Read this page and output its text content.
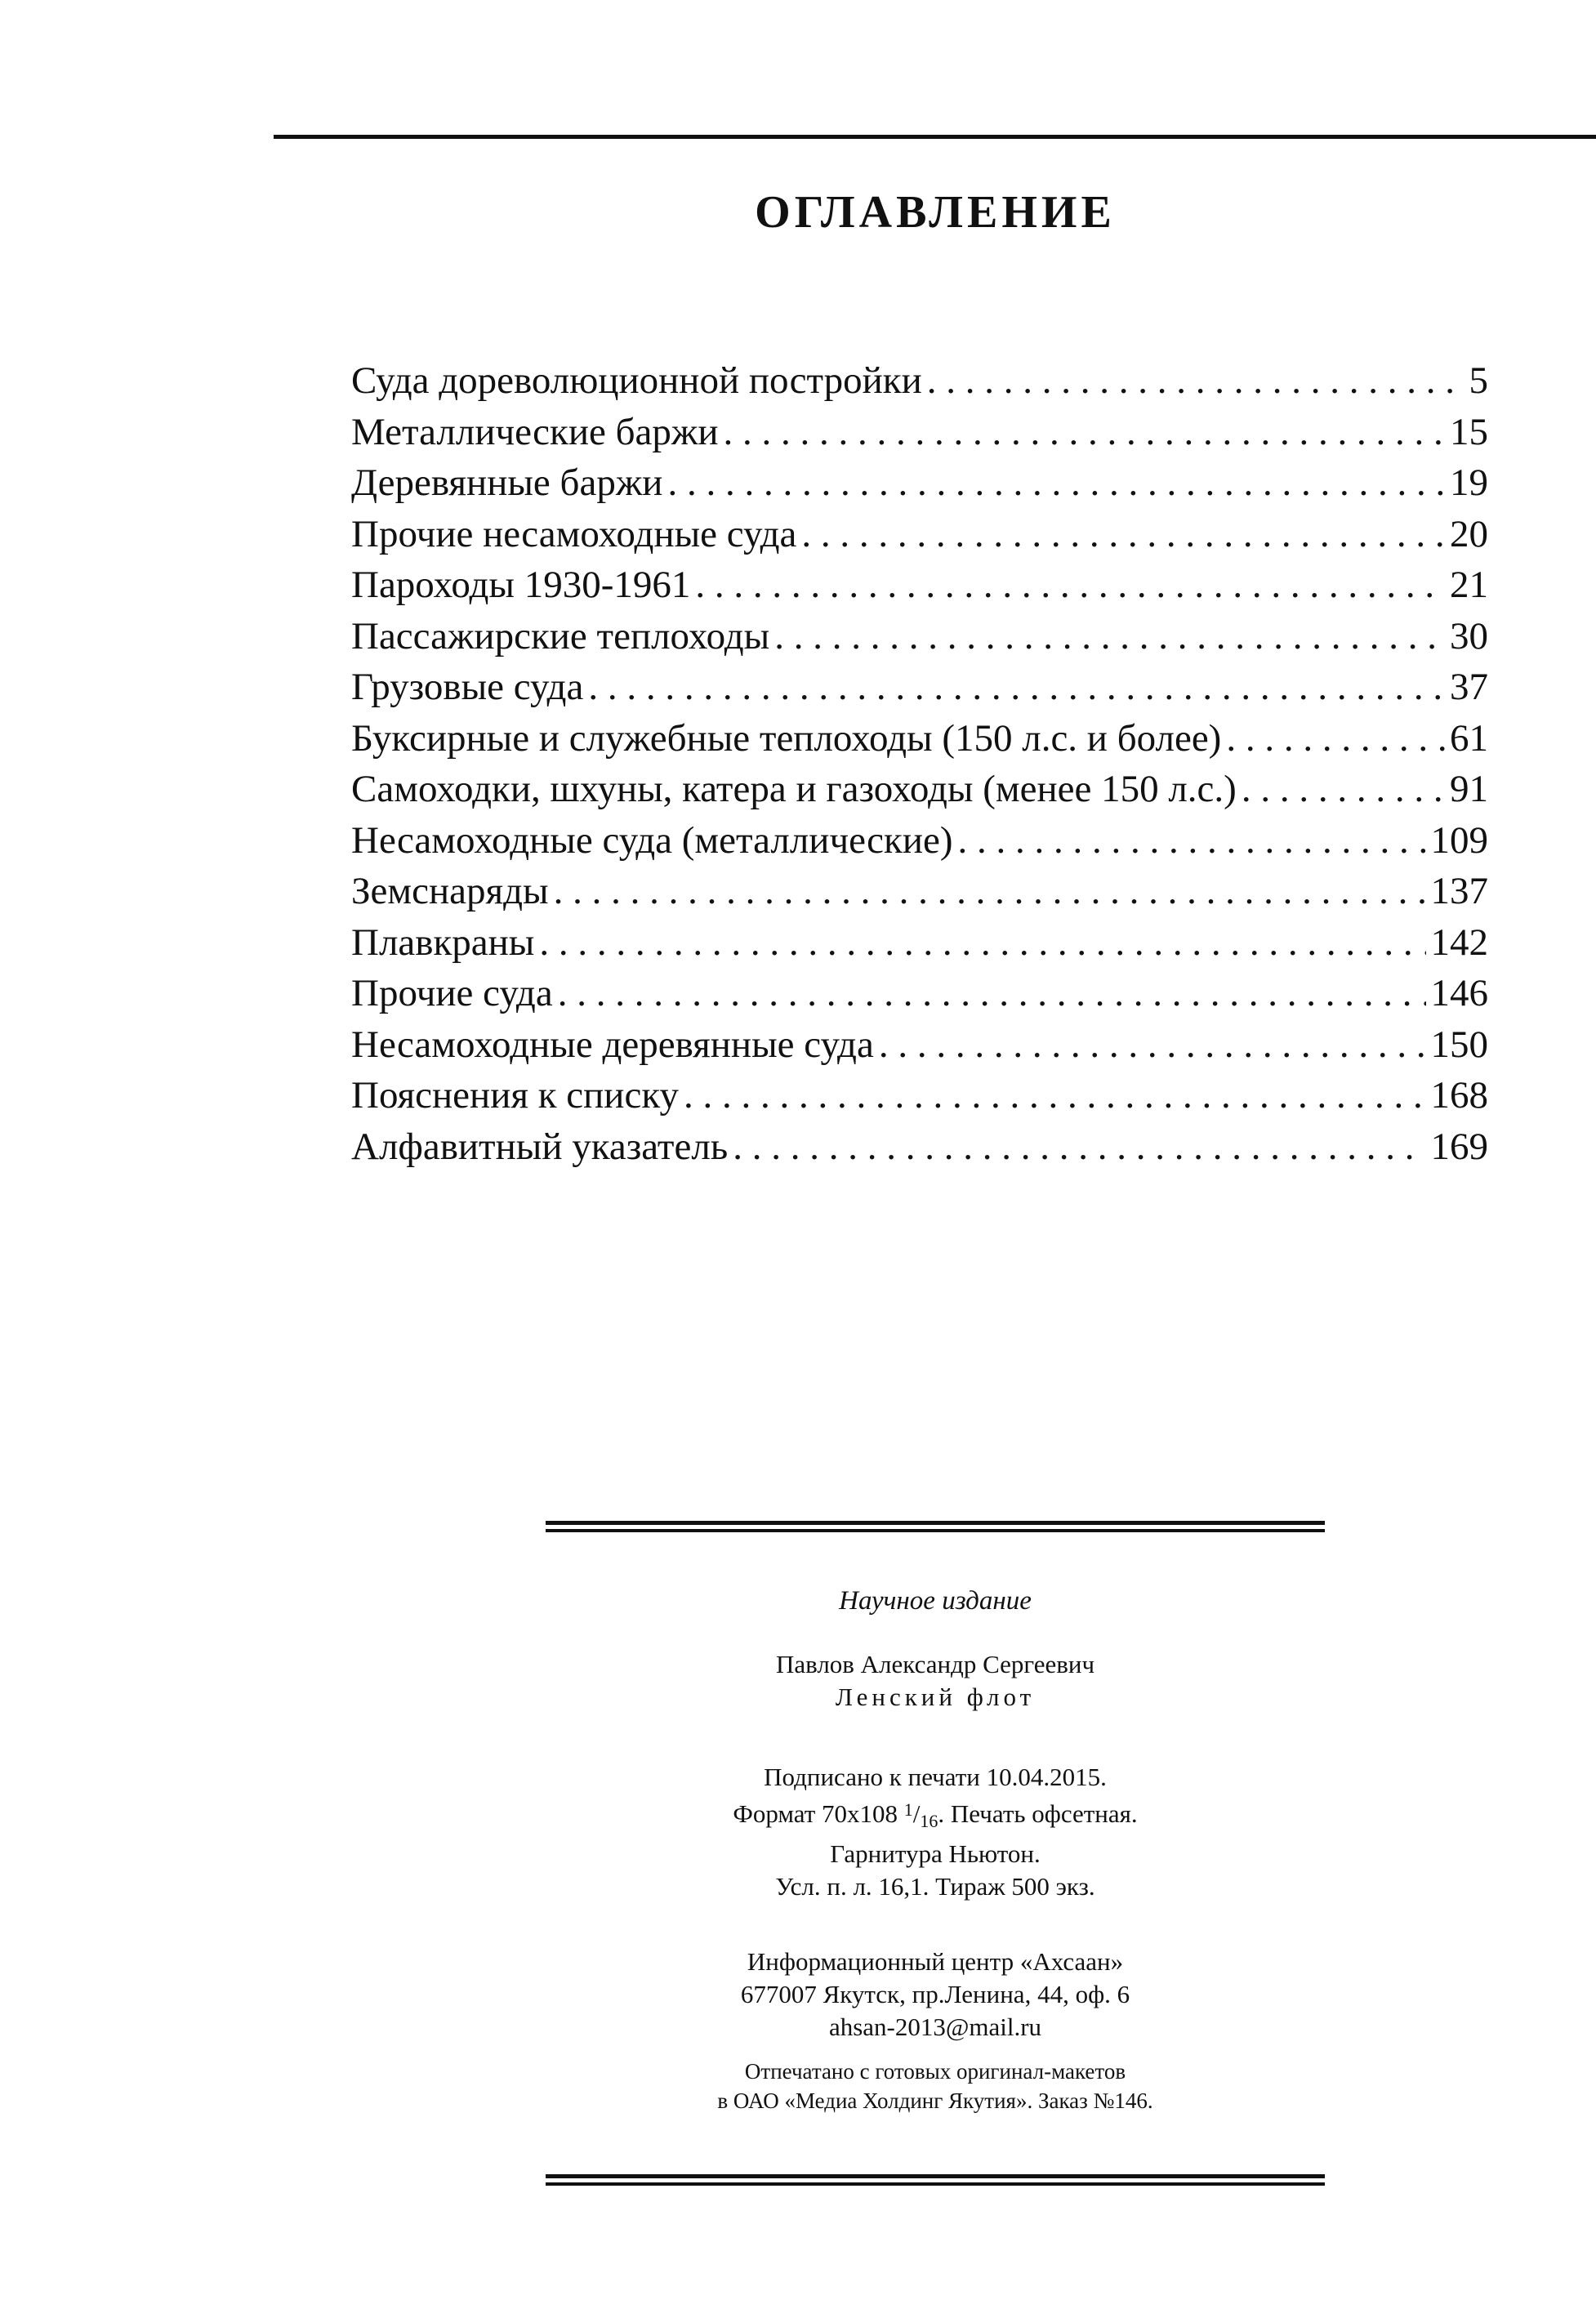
ОГЛАВЛЕНИЕ
Суда дореволюционной постройки . . .	5
Металлические баржи . . .	15
Деревянные баржи . . .	19
Прочие несамоходные суда . . .	20
Пароходы 1930-1961 . . .	21
Пассажирские теплоходы . . .	30
Грузовые суда . . .	37
Буксирные и служебные теплоходы (150 л.с. и более) . . .	61
Самоходки, шхуны, катера и газоходы (менее 150 л.с.) . . .	91
Несамоходные суда (металлические) . . .	109
Земснаряды . . .	137
Плавкраны . . .	142
Прочие суда . . .	146
Несамоходные деревянные суда . . .	150
Пояснения к списку . . .	168
Алфавитный указатель . . .	169

Научное издание

Павлов Александр Сергеевич

Ленский флот

Подписано к печати 10.04.2015.

Формат 70x108 $^1$/16. Печать офсетная.

Гарнитура Ньютон.

Усл. п. л. 16,1. Тираж 500 экз.

Информационный центр «Ахсаан»

677007 Якутск, пр.Ленина, 44, оф. 6

ahsan-2013@mail.ru

Отпечатано с готовых оригинал-макетов

в ОАО «Медиа Холдинг Якутия». Заказ №146.
